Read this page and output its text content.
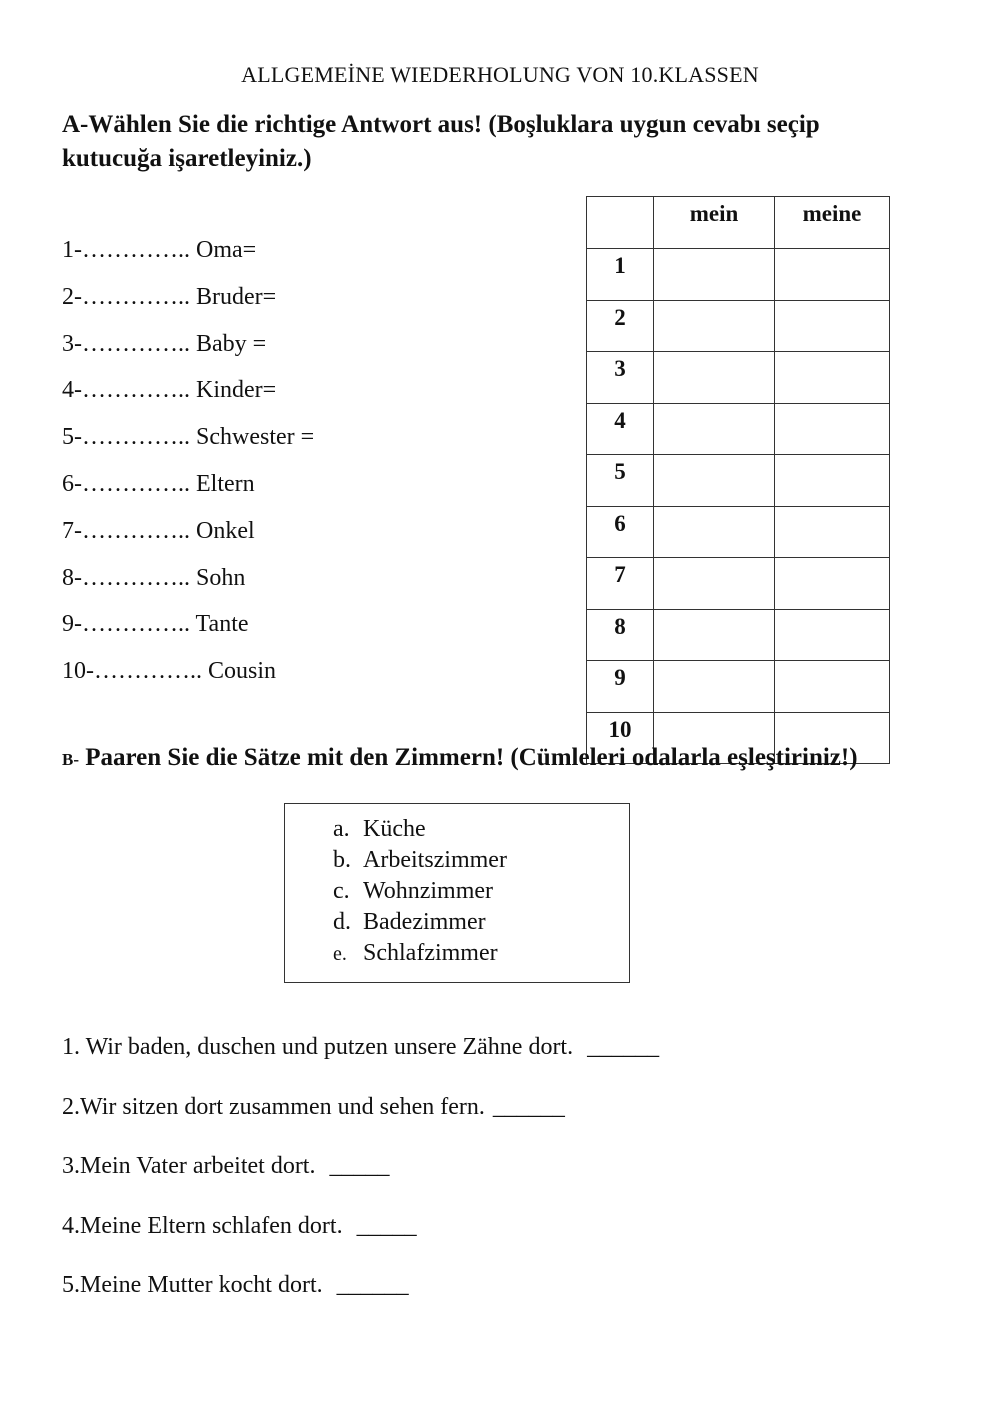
ALLGEMEİNE WIEDERHOLUNG VON 10.KLASSEN
A-Wählen Sie die richtige Antwort aus! (Boşluklara uygun cevabı seçip kutucuğa işaretleyiniz.)
1-………….. Oma=
2-………….. Bruder=
3-………….. Baby =
4-………….. Kinder=
5-………….. Schwester =
6-………….. Eltern
7-………….. Onkel
8-………….. Sohn
9-………….. Tante
10-………….. Cousin
	mein	meine
1		
2		
3		
4		
5		
6		
7		
8		
9		
10		
B- Paaren Sie die Sätze mit den Zimmern! (Cümleleri odalarla eşleştiriniz!)
a. Küche
b. Arbeitszimmer
c. Wohnzimmer
d. Badezimmer
e. Schlafzimmer
1. Wir baden, duschen und putzen unsere Zähne dort. ______
2.Wir sitzen dort zusammen und sehen fern. ______
3.Mein Vater arbeitet dort. _____
4.Meine Eltern schlafen dort. _____
5.Meine Mutter kocht dort. ______
